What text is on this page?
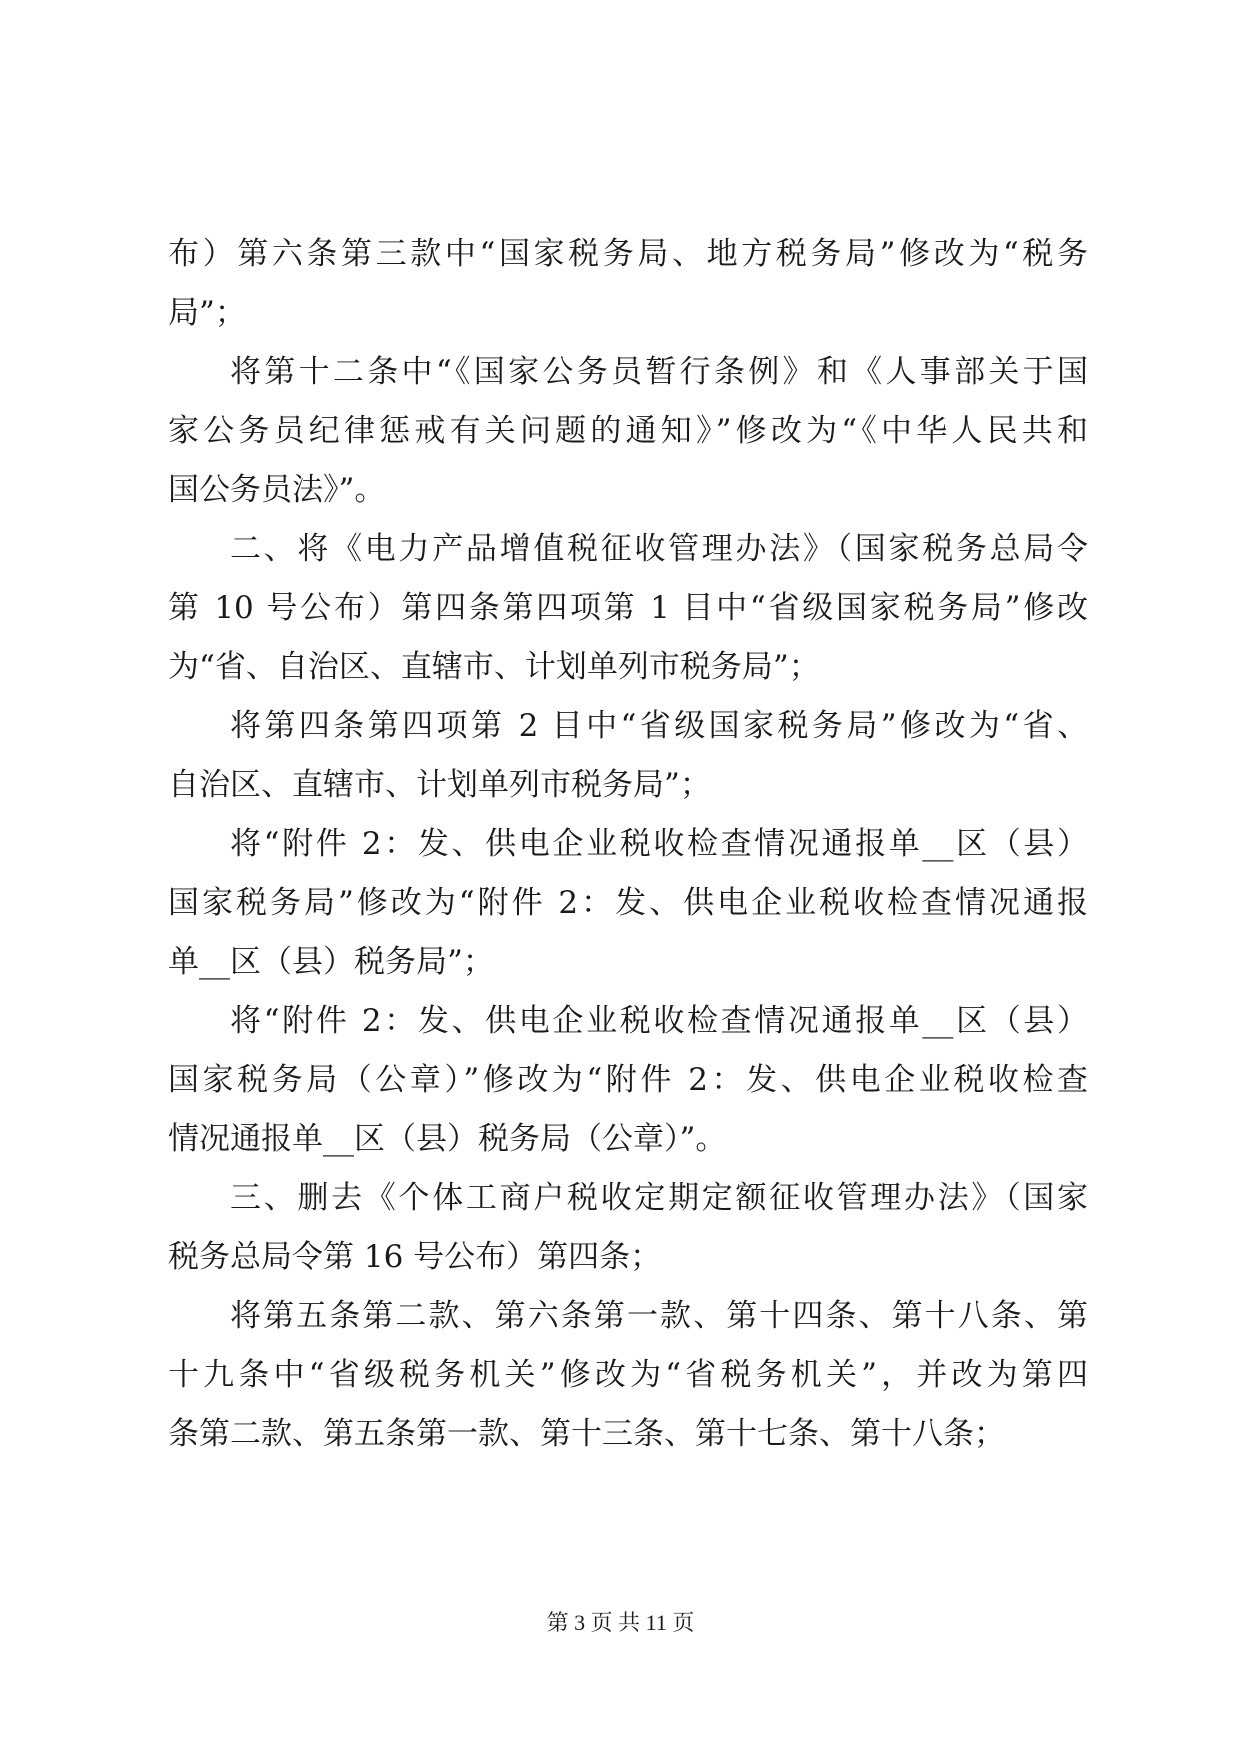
布）第六条第三款中“国家税务局、地方税务局”修改为“税务
局”；
将第十二条中“《国家公务员暂行条例》和《人事部关于国
家公务员纪律惩戒有关问题的通知》”修改为“《中华人民共和
国公务员法》”。
二、将《电力产品增值税征收管理办法》（国家税务总局令
第 10 号公布）第四条第四项第 1 目中“省级国家税务局”修改
为“省、自治区、直辖市、计划单列市税务局”；
将第四条第四项第 2 目中“省级国家税务局”修改为“省、
自治区、直辖市、计划单列市税务局”；
将“附件 2：发、供电企业税收检查情况通报单__区（县）
国家税务局”修改为“附件 2：发、供电企业税收检查情况通报
单__区（县）税务局”；
将“附件 2：发、供电企业税收检查情况通报单__区（县）
国家税务局（公章）”修改为“附件 2：发、供电企业税收检查
情况通报单__区（县）税务局（公章）”。
三、删去《个体工商户税收定期定额征收管理办法》（国家
税务总局令第 16 号公布）第四条；
将第五条第二款、第六条第一款、第十四条、第十八条、第
十九条中“省级税务机关”修改为“省税务机关”，并改为第四
条第二款、第五条第一款、第十三条、第十七条、第十八条；
第 3 页 共 11 页
